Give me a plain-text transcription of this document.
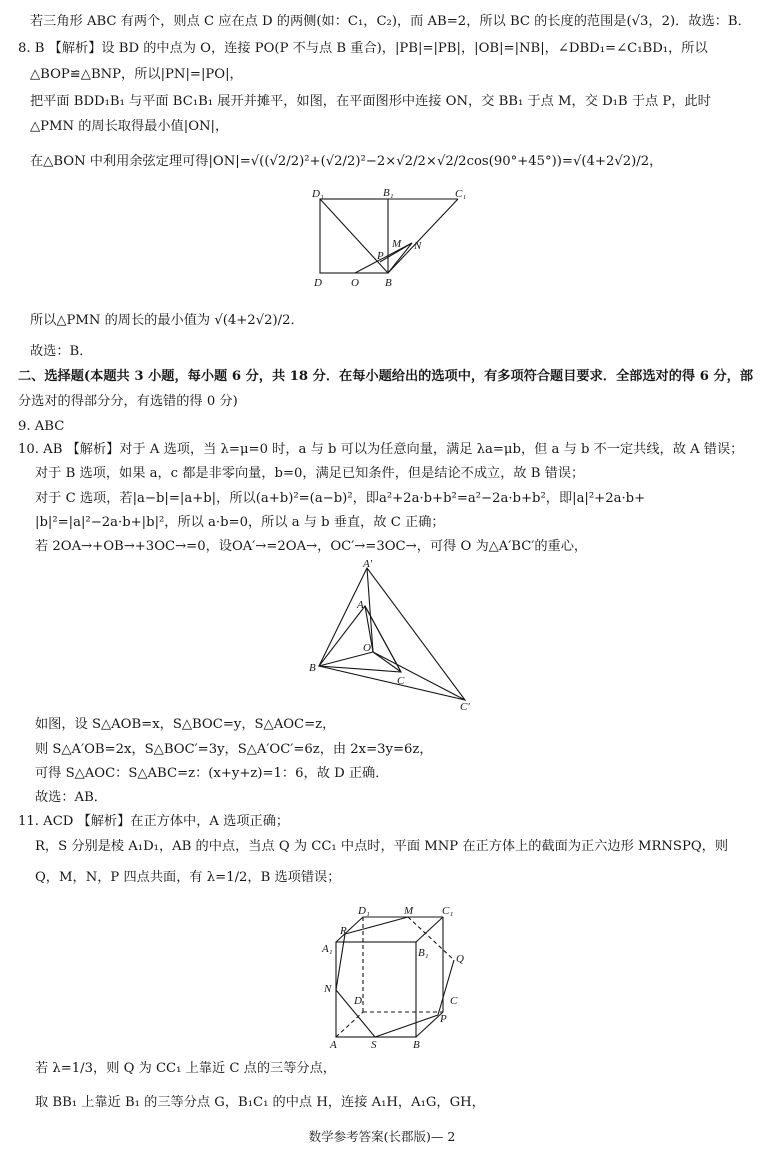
若三角形 ABC 有两个，则点 C 应在点 D 的两侧(如：C₁，C₂)，而 AB=2，所以 BC 的长度的范围是(√3，2)．故选：B．
8. B 【解析】设 BD 的中点为 O，连接 PO(P 不与点 B 重合)，|PB|=|PB|，|OB|=|NB|，∠DBD₁=∠C₁BD₁，所以
△BOP≌△BNP，所以|PN|=|PO|，
把平面 BDD₁B₁ 与平面 BC₁B₁ 展开并摊平，如图，在平面图形中连接 ON，交 BB₁ 于点 M，交 D₁B 于点 P，此时
△PMN 的周长取得最小值|ON|，
在△BON 中利用余弦定理可得|ON|=√((√2/2)²+(√2/2)²−2×√2/2×√2/2cos(90°+45°))=√(4+2√2)/2，
D₁	B₁	C₁
M N
P
D	O B
所以△PMN 的周长的最小值为 √(4+2√2)/2．
故选：B．
二、选择题(本题共 3 小题，每小题 6 分，共 18 分．在每小题给出的选项中，有多项符合题目要求．全部选对的得 6 分，部
分选对的得部分分，有选错的得 0 分)
9. ABC
10. AB 【解析】对于 A 选项，当 λ=μ=0 时，a 与 b 可以为任意向量，满足 λa=μb，但 a 与 b 不一定共线，故 A 错误；
对于 B 选项，如果 a，c 都是非零向量，b=0，满足已知条件，但是结论不成立，故 B 错误；
对于 C 选项，若|a−b|=|a+b|，所以(a+b)²=(a−b)²，即a²+2a·b+b²=a²−2a·b+b²，即|a|²+2a·b+
|b|²=|a|²−2a·b+|b|²，所以 a·b=0，所以 a 与 b 垂直，故 C 正确；
若 2OA→+OB→+3OC→=0，设OA′→=2OA→，OC′→=3OC→，可得 O 为△A′BC′的重心，
A′
A
O
B
C
C′
如图，设 S△AOB=x，S△BOC=y，S△AOC=z，
则 S△A′OB=2x，S△BOC′=3y，S△A′OC′=6z，由 2x=3y=6z，
可得 S△AOC：S△ABC=z：(x+y+z)=1：6，故 D 正确．
故选：AB．
11. ACD 【解析】在正方体中，A 选项正确；
R，S 分别是棱 A₁D₁，AB 的中点，当点 Q 为 CC₁ 中点时，平面 MNP 在正方体上的截面为正六边形 MRNSPQ，则
Q，M，N，P 四点共面，有 λ=1/2，B 选项错误；
D₁	M	C₁
R
A₁	B₁ Q
N
D	C
P
A	S	B
若 λ=1/3，则 Q 为 CC₁ 上靠近 C 点的三等分点，
取 BB₁ 上靠近 B₁ 的三等分点 G，B₁C₁ 的中点 H，连接 A₁H，A₁G，GH，
数学参考答案(长郡版)— 2
